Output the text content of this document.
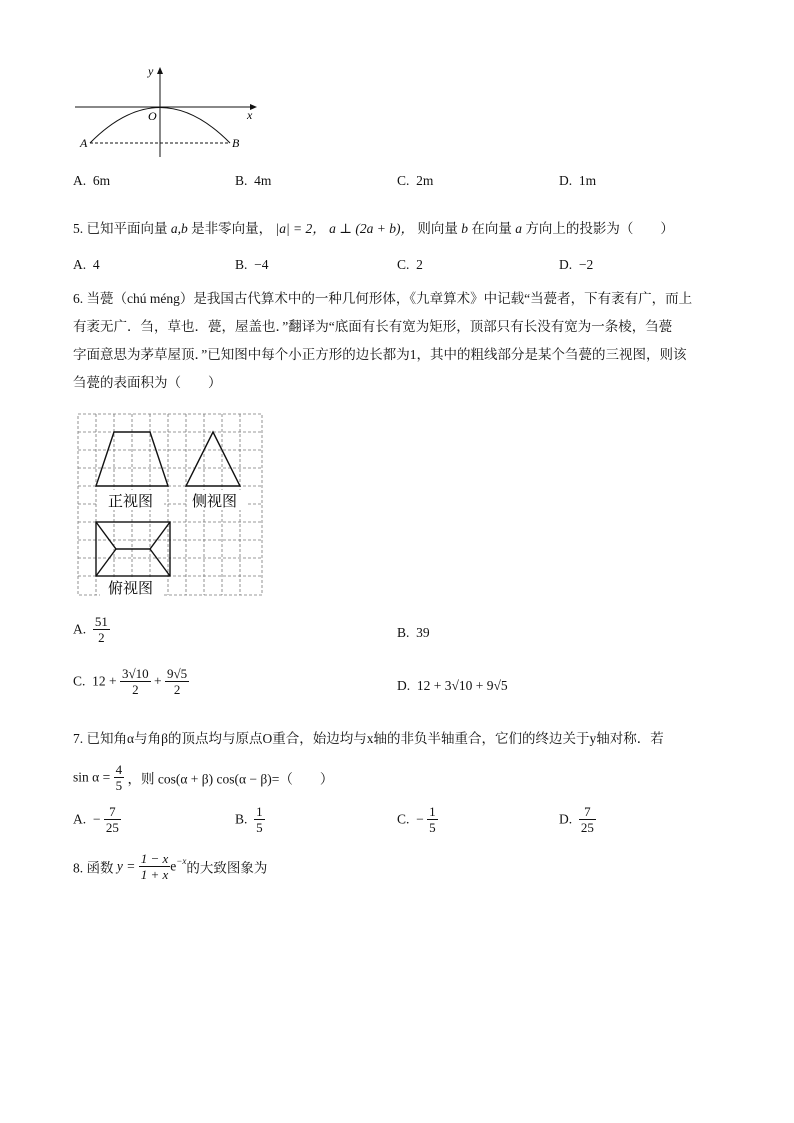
y
x
O
A	B
A. 6m	B. 4m	C. 2m	D. 1m
5. 已知平面向量 a,b 是非零向量， |a| = 2， a ⊥ (2a + b)， 则向量 b 在向量 a 方向上的投影为（　　）
A. 4	B. −4	C. 2	D. −2
6. 当甍（chú méng）是我国古代算术中的一种几何形体，《九章算术》中记载“当甍者，下有袤有广，而上
有袤无广．刍，草也．甍，屋盖也．”翻译为“底面有长有宽为矩形，顶部只有长没有宽为一条棱，刍甍
字面意思为茅草屋顶．”已知图中每个小正方形的边长都为1，其中的粗线部分是某个刍甍的三视图，则该
刍甍的表面积为（　　）
正视图	侧视图
俯视图
A. $\frac{51}{2}$	B. 39
C. $12 + \frac{3√10}{2} + \frac{9√5}{2}$	D. 12 + 3√10 + 9√5
7. 已知角α与角β的顶点均与原点O重合，始边均与x轴的非负半轴重合，它们的终边关于y轴对称．若
$\sin \alpha = \frac{4}{5}$ ，则 cos(α + β) cos(α − β)=（　　）
A. − $\frac{7}{25}$	B. $\frac{1}{5}$	C. − $\frac{1}{5}$	D. $\frac{7}{25}$
8. 函数 $y = \frac{1 - x}{1 + x} e^{-x}$的大致图象为
